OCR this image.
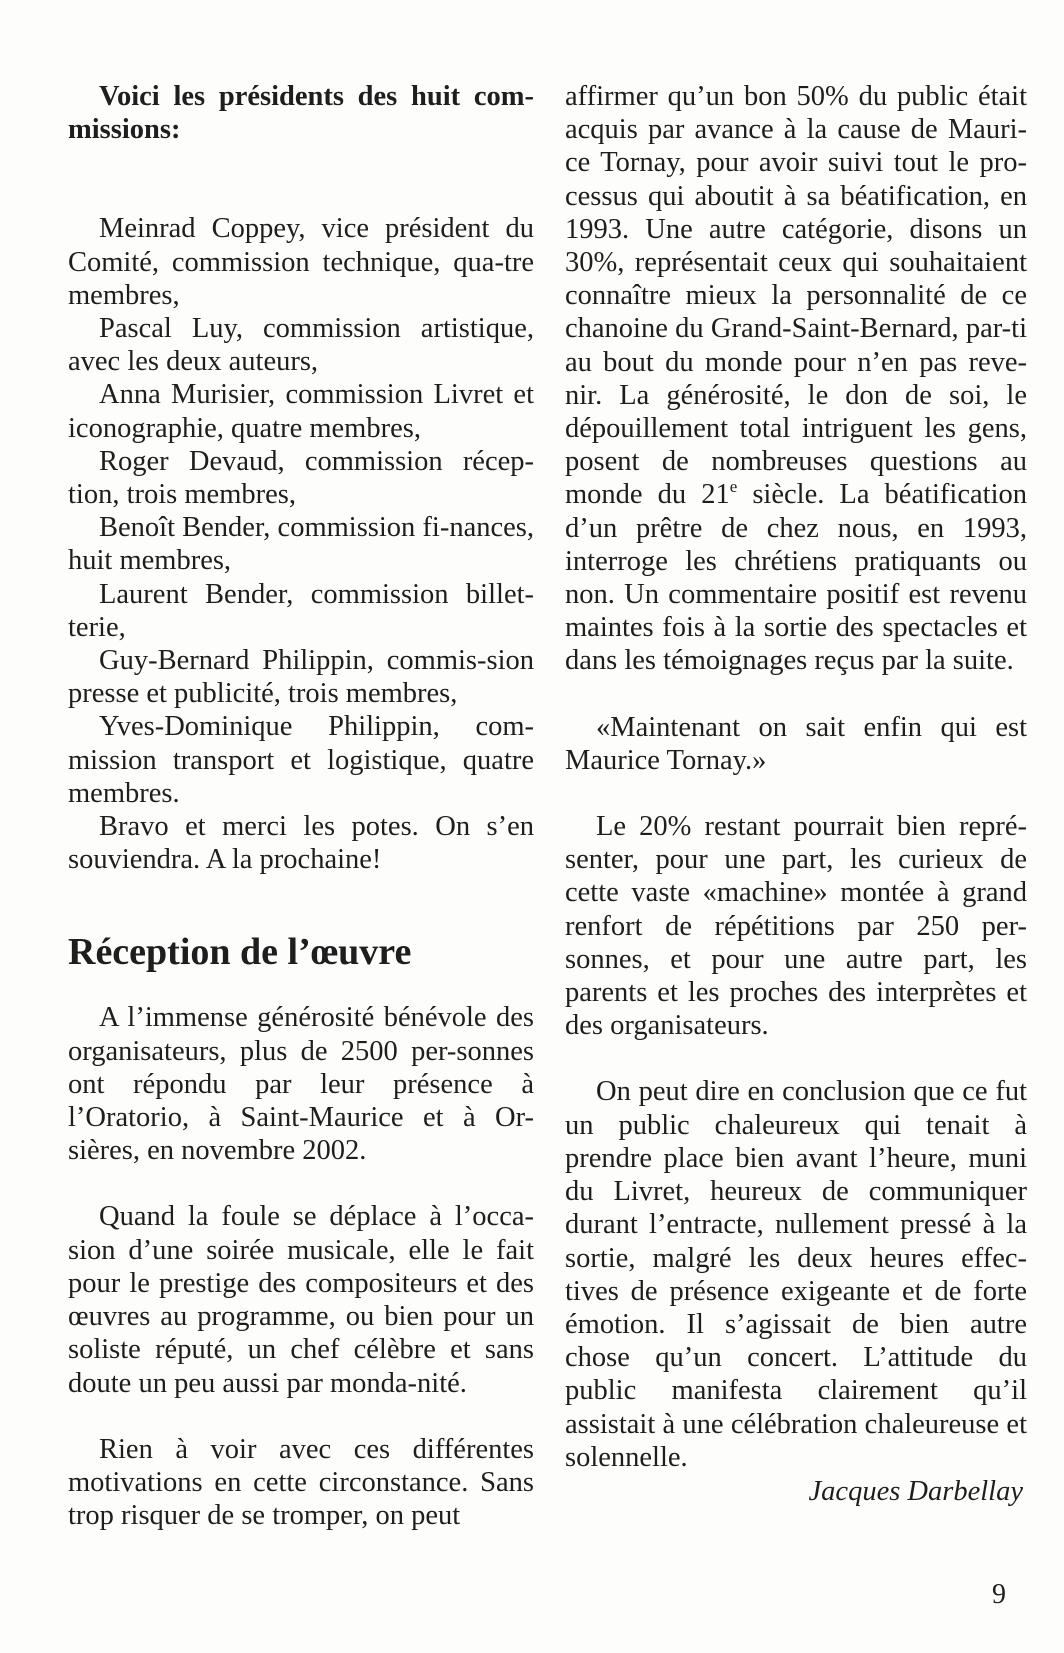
Voici les présidents des huit com-missions:

Meinrad Coppey, vice président du Comité, commission technique, qua-tre membres,

Pascal Luy, commission artistique, avec les deux auteurs,

Anna Murisier, commission Livret et iconographie, quatre membres,

Roger Devaud, commission récep-tion, trois membres,

Benoît Bender, commission fi-nances, huit membres,

Laurent Bender, commission billet-terie,

Guy-Bernard Philippin, commis-sion presse et publicité, trois membres,

Yves-Dominique Philippin, com-mission transport et logistique, quatre membres.

Bravo et merci les potes. On s’en souviendra. A la prochaine!

Réception de l’œuvre

A l’immense générosité bénévole des organisateurs, plus de 2500 per-sonnes ont répondu par leur présence à l’Oratorio, à Saint-Maurice et à Or-sières, en novembre 2002.

Quand la foule se déplace à l’occa-sion d’une soirée musicale, elle le fait pour le prestige des compositeurs et des œuvres au programme, ou bien pour un soliste réputé, un chef célèbre et sans doute un peu aussi par monda-nité.

Rien à voir avec ces différentes motivations en cette circonstance. Sans trop risquer de se tromper, on peut

affirmer qu’un bon 50% du public était acquis par avance à la cause de Mauri-ce Tornay, pour avoir suivi tout le pro-cessus qui aboutit à sa béatification, en 1993. Une autre catégorie, disons un 30%, représentait ceux qui souhaitaient connaître mieux la personnalité de ce chanoine du Grand-Saint-Bernard, par-ti au bout du monde pour n’en pas reve-nir. La générosité, le don de soi, le dépouillement total intriguent les gens, posent de nombreuses questions au monde du 21e siècle. La béatification d’un prêtre de chez nous, en 1993, interroge les chrétiens pratiquants ou non. Un commentaire positif est revenu maintes fois à la sortie des spectacles et dans les témoignages reçus par la suite.

«Maintenant on sait enfin qui est Maurice Tornay.»

Le 20% restant pourrait bien repré-senter, pour une part, les curieux de cette vaste «machine» montée à grand renfort de répétitions par 250 per-sonnes, et pour une autre part, les parents et les proches des interprètes et des organisateurs.

On peut dire en conclusion que ce fut un public chaleureux qui tenait à prendre place bien avant l’heure, muni du Livret, heureux de communiquer durant l’entracte, nullement pressé à la sortie, malgré les deux heures effec-tives de présence exigeante et de forte émotion. Il s’agissait de bien autre chose qu’un concert. L’attitude du public manifesta clairement qu’il assistait à une célébration chaleureuse et solennelle.

Jacques Darbellay

9
